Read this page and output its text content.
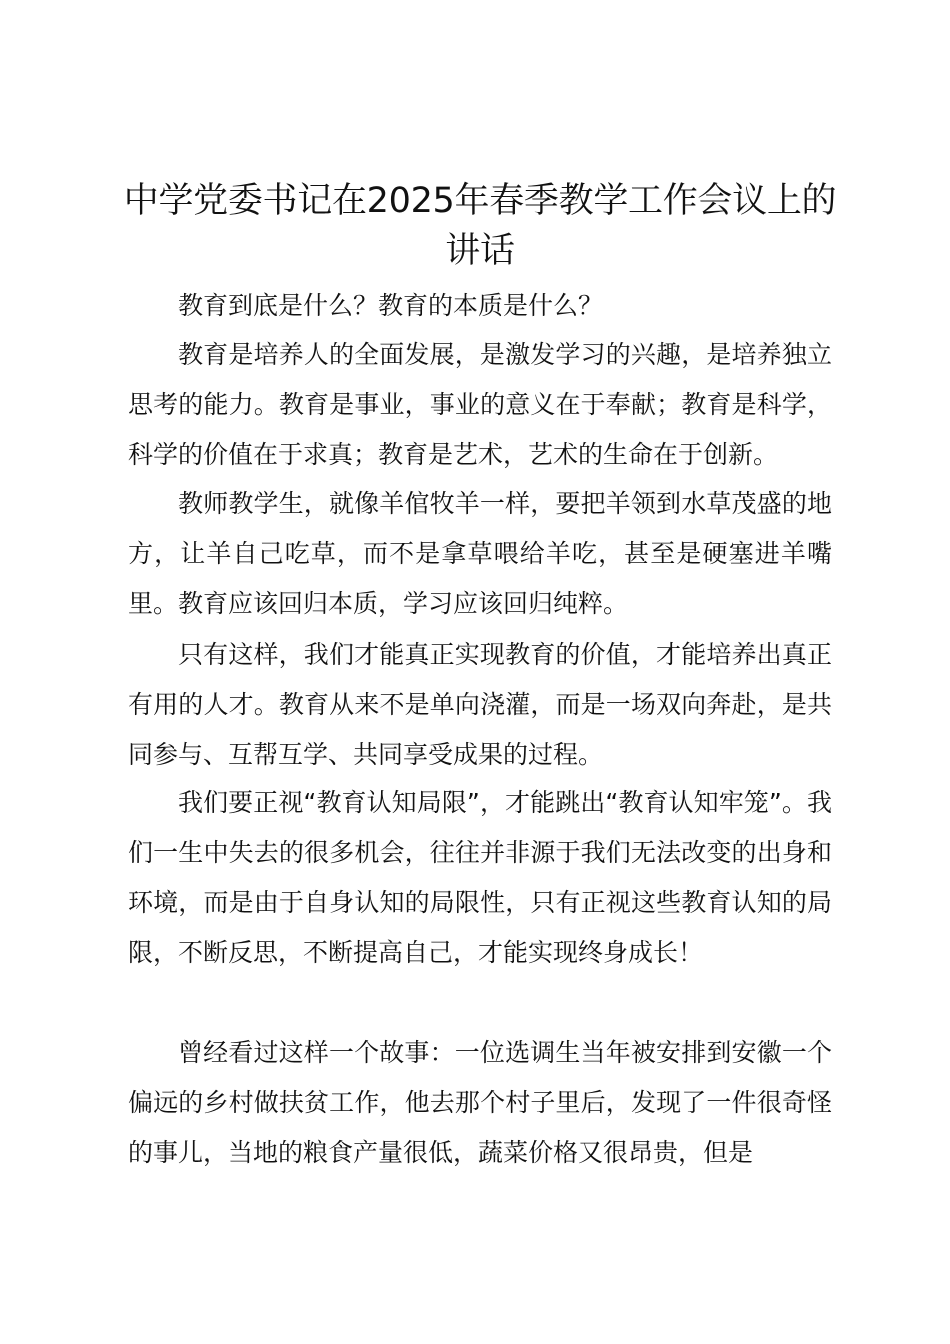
中学党委书记在2025年春季教学工作会议上的讲话

教育到底是什么？教育的本质是什么？

教育是培养人的全面发展，是激发学习的兴趣，是培养独立思考的能力。教育是事业，事业的意义在于奉献；教育是科学，科学的价值在于求真；教育是艺术，艺术的生命在于创新。

教师教学生，就像羊倌牧羊一样，要把羊领到水草茂盛的地方，让羊自己吃草，而不是拿草喂给羊吃，甚至是硬塞进羊嘴里。教育应该回归本质，学习应该回归纯粹。

只有这样，我们才能真正实现教育的价值，才能培养出真正有用的人才。教育从来不是单向浇灌，而是一场双向奔赴，是共同参与、互帮互学、共同享受成果的过程。

我们要正视“教育认知局限”，才能跳出“教育认知牢笼”。我们一生中失去的很多机会，往往并非源于我们无法改变的出身和环境，而是由于自身认知的局限性，只有正视这些教育认知的局限，不断反思，不断提高自己，才能实现终身成长！

曾经看过这样一个故事：一位选调生当年被安排到安徽一个偏远的乡村做扶贫工作，他去那个村子里后，发现了一件很奇怪的事儿，当地的粮食产量很低，蔬菜价格又很昂贵，但是
